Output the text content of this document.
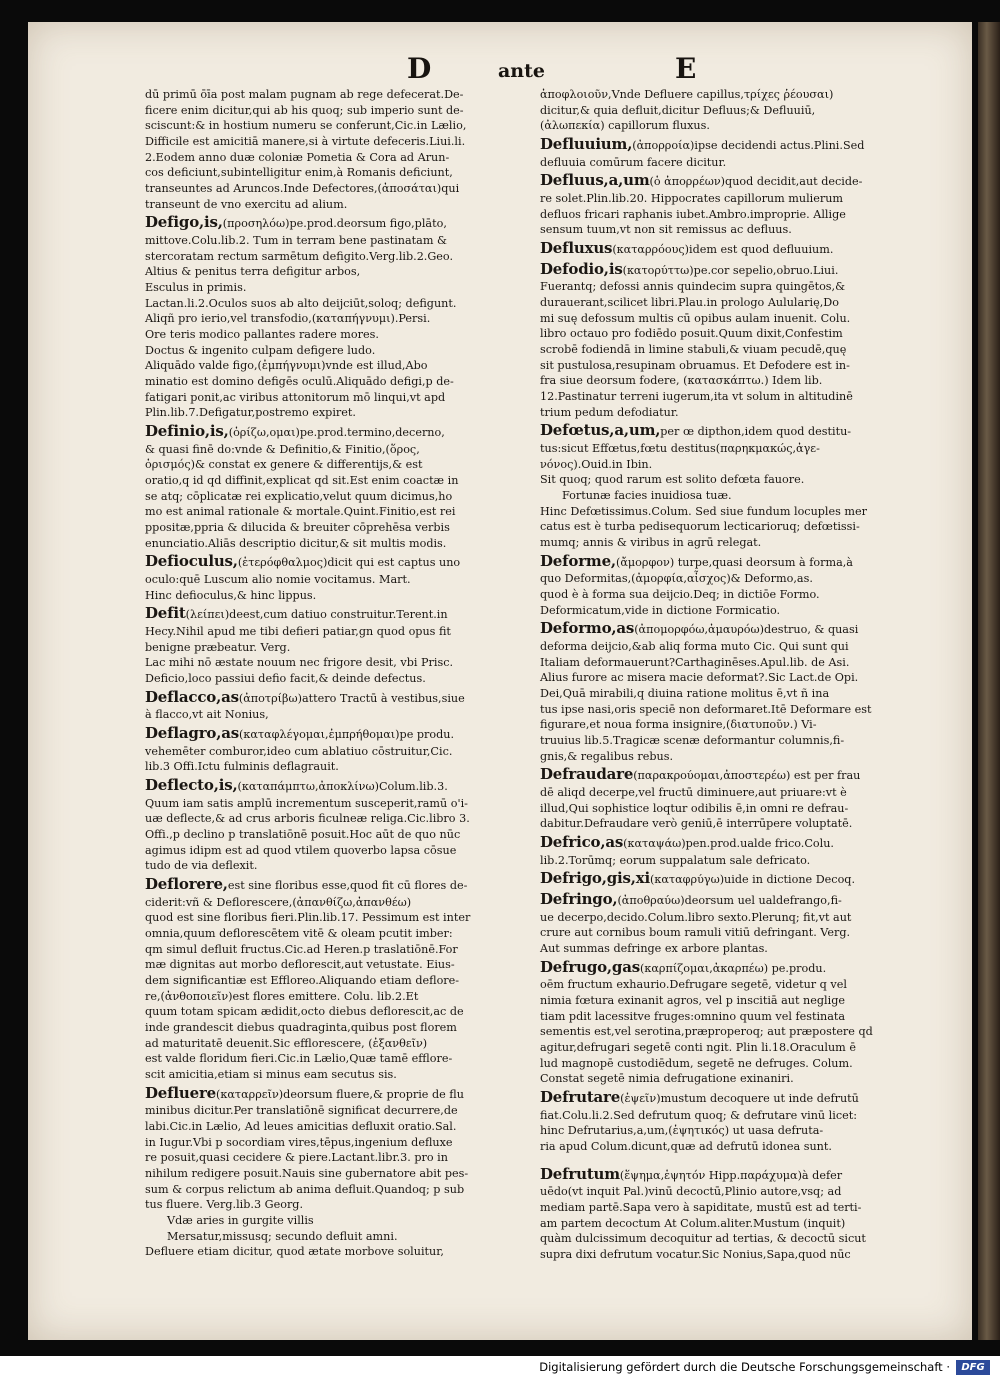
D	ante	E

dū primū ōīa post malam pugnam ab rege defecerat.De-

ficere enim dicitur,qui ab his quoq; sub imperio sunt de-

sciscunt:& in hostium numeru se conferunt,Cic.in Lælio,

Difficile est amicitiā manere,si à virtute defeceris.Liui.li.

2.Eodem anno duæ coloniæ Pometia & Cora ad Arun-

cos deficiunt,subintelligitur enim,à Romanis deficiunt,

transeuntes ad Aruncos.Inde Defectores,(ἀποσάται)qui

transeunt de vno exercitu ad alium.

Defigo,is,(προσηλόω)pe.prod.deorsum figo,plāto,

mittove.Colu.lib.2. Tum in terram bene pastinatam &

stercoratam rectum sarmētum defigito.Verg.lib.2.Geo.

Altius & penitus terra defigitur arbos,

Esculus in primis.

Lactan.li.2.Oculos suos ab alto deijciūt,soloq; defigunt.

Aliqñ pro ierio,vel transfodio,(καταπήγνυμι).Persi.

Ore teris modico pallantes radere mores.

Doctus & ingenito culpam defigere ludo.

Aliquādo valde figo,(ἐμπήγνυμι)vnde est illud,Abo

minatio est domino defigēs oculū.Aliquādo defigi,p de-

fatigari ponit,ac viribus attonitorum mō linqui,vt apd

Plin.lib.7.Defigatur,postremo expiret.

Definio,is,(ὁρίζω,ομαι)pe.prod.termino,decerno,

& quasi finē do:vnde & Definitio,& Finitio,(ὅρος,

ὁρισμός)& constat ex genere & differentijs,& est

oratio,q id qd diffinit,explicat qd sit.Est enim coactæ in

se atq; cōplicatæ rei explicatio,velut quum dicimus,ho

mo est animal rationale & mortale.Quint.Finitio,est rei

ppositæ,ppria & dilucida & breuiter cōprehēsa verbis

enunciatio.Aliās descriptio dicitur,& sit multis modis.

Defioculus,(ἑτερόφθαλμος)dicit qui est captus uno

oculo:quē Luscum alio nomie vocitamus. Mart.

Hinc defioculus,& hinc lippus.

Defit(λείπει)deest,cum datiuo construitur.Terent.in

Hecy.Nihil apud me tibi defieri patiar,gn quod opus fit

benigne præbeatur. Verg.

Lac mihi nō æstate nouum nec frigore desit, vbi Prisc.

Deficio,loco passiui defio facit,& deinde defectus.

Deflacco,as(ἀποτρίβω)attero Tractū à vestibus,siue

à flacco,vt ait Nonius,

Deflagro,as(καταφλέγομαι,ἐμπρήθομαι)pe produ.

vehemēter comburor,ideo cum ablatiuo cōstruitur,Cic.

lib.3 Offi.Ictu fulminis deflagrauit.

Deflecto,is,(καταπάμπτω,ἀποκλίνω)Colum.lib.3.

Quum iam satis amplū incrementum susceperit,ramū o'i-

uæ deflecte,& ad crus arboris ficulneæ religa.Cic.libro 3.

Offi.,p declino p translatiōnē posuit.Hoc aūt de quo nūc

agimus idipm est ad quod vtilem quoverbo lapsa cōsue

tudo de via deflexit.

Deflorere,est sine floribus esse,quod fit cū flores de-

ciderit:vñ & Deflorescere,(ἀπανθίζω,ἀπανθέω)

quod est sine floribus fieri.Plin.lib.17. Pessimum est inter

omnia,quum deflorescētem vitē & oleam pcutit imber:

qm simul defluit fructus.Cic.ad Heren.p traslatiōnē.For

mæ dignitas aut morbo deflorescit,aut vetustate. Eius-

dem significantiæ est Effloreo.Aliquando etiam deflore-

re,(ἀνθοποιεῖν)est flores emittere. Colu. lib.2.Et

quum totam spicam ædidit,octo diebus deflorescit,ac de

inde grandescit diebus quadraginta,quibus post florem

ad maturitatē deuenit.Sic efflorescere, (ἐξανθεῖν)

est valde floridum fieri.Cic.in Lælio,Quæ tamē efflore-

scit amicitia,etiam si minus eam secutus sis.

Defluere(καταρρεῖν)deorsum fluere,& proprie de flu

minibus dicitur.Per translatiōnē significat decurrere,de

labi.Cic.in Lælio, Ad leues amicitias defluxit oratio.Sal.

in Iugur.Vbi p socordiam vires,tēpus,ingenium defluxe

re posuit,quasi cecidere & piere.Lactant.libr.3. pro in

nihilum redigere posuit.Nauis sine gubernatore abit pes-

sum & corpus relictum ab anima defluit.Quandoq; p sub

tus fluere. Verg.lib.3 Georg.

Vdæ aries in gurgite villis

Mersatur,missusq; secundo defluit amni.

Defluere etiam dicitur, quod ætate morbove soluitur,

ἀποφλοιοῦν,Vnde Defluere capillus,τρίχες ῥέουσαι)

dicitur,& quia defluit,dicitur Defluus;& Defluuiū,

(ἀλωπεκία) capillorum fluxus.

Defluuium,(ἀπορροία)ipse decidendi actus.Plini.Sed

defluuia comūrum facere dicitur.

Defluus,a,um(ὁ ἀπορρέων)quod decidit,aut decide-

re solet.Plin.lib.20. Hippocrates capillorum mulierum

defluos fricari raphanis iubet.Ambro.improprie. Allige

sensum tuum,vt non sit remissus ac defluus.

Defluxus(καταρρόους)idem est quod defluuium.

Defodio,is(κατορύττω)pe.cor sepelio,obruo.Liui.

Fuerantq; defossi annis quindecim supra quingētos,&

durauerant,scilicet libri.Plau.in prologo Aulularię,Do

mi suę defossum multis cū opibus aulam inuenit. Colu.

libro octauo pro fodiēdo posuit.Quum dixit,Confestim

scrobē fodiendā in limine stabuli,& viuam pecudē,quę

sit pustulosa,resupinam obruamus. Et Defodere est in-

fra siue deorsum fodere, (κατασκάπτω.) Idem lib.

12.Pastinatur terreni iugerum,ita vt solum in altitudinē

trium pedum defodiatur.

Defœtus,a,um,per œ dipthon,idem quod destitu-

tus:sicut Effœtus,fœtu destitus(παρηκμακώς,ἀγε-

νόνος).Ouid.in Ibin.

Sit quoq; quod rarum est solito defœta fauore.

Fortunæ facies inuidiosa tuæ.

Hinc Defœtissimus.Colum. Sed siue fundum locuples mer

catus est è turba pedisequorum lecticarioruq; defœtissi-

mumq; annis & viribus in agrū relegat.

Deforme,(ἄμορφον) turpe,quasi deorsum à forma,à

quo Deformitas,(ἀμορφία,αἶσχος)& Deformo,as.

quod è à forma sua deijcio.Deq; in dictiōe Formo.

Deformicatum,vide in dictione Formicatio.

Deformo,as(ἀπομορφόω,ἀμαυρόω)destruo, & quasi

deforma deijcio,&ab aliq forma muto Cic. Qui sunt qui

Italiam deformauerunt?Carthaginēses.Apul.lib. de Asi.

Alius furore ac misera macie deformat?.Sic Lact.de Opi.

Dei,Quā mirabili,q diuina ratione molitus ē,vt ñ ina

tus ipse nasi,oris speciē non deformaret.Itē Deformare est

figurare,et noua forma insignire,(διατυποῦν.) Vi-

truuius lib.5.Tragicæ scenæ deformantur columnis,fi-

gnis,& regalibus rebus.

Defraudare(παρακρούομαι,ἀποστερέω) est per frau

dē aliqd decerpe,vel fructū diminuere,aut priuare:vt è

illud,Qui sophistice loqtur odibilis ē,in omni re defrau-

dabitur.Defraudare verò geniū,ē interrūpere voluptatē.

Defrico,as(καταψάω)pen.prod.ualde frico.Colu.

lib.2.Torūmq; eorum suppalatum sale defricato.

Defrigo,gis,xi(καταφρύγω)uide in dictione Decoq.

Defringo,(ἀποθραύω)deorsum uel ualdefrango,fi-

ue decerpo,decido.Colum.libro sexto.Plerunq; fit,vt aut

crure aut cornibus boum ramuli vitiū defringant. Verg.

Aut summas defringe ex arbore plantas.

Defrugo,gas(καρπίζομαι,ἀκαρπέω) pe.produ.

oēm fructum exhaurio.Defrugare segetē, videtur q vel

nimia fœtura exinanit agros, vel p inscitiā aut neglige

tiam pdit lacessitve fruges:omnino quum vel festinata

sementis est,vel serotina,præproperoq; aut præpostere qd

agitur,defrugari segetē conti ngit. Plin li.18.Oraculum ē

lud magnopē custodiēdum, segetē ne defruges. Colum.

Constat segetē nimia defrugatione exinaniri.

Defrutare(ἑψεῖν)mustum decoquere ut inde defrutū

fiat.Colu.li.2.Sed defrutum quoq; & defrutare vinū licet:

hinc Defrutarius,a,um,(ἑψητικός) ut uasa defruta-

ria apud Colum.dicunt,quæ ad defrutū idonea sunt.

Defrutum(ἕψημα,ἑψητόν Hipp.παράχυμα)à defer

uēdo(vt inquit Pal.)vinū decoctū,Plinio autore,vsq; ad

mediam partē.Sapa vero à sapiditate, mustū est ad terti-

am partem decoctum At Colum.aliter.Mustum (inquit)

quàm dulcissimum decoquitur ad tertias, & decoctū sicut

supra dixi defrutum vocatur.Sic Nonius,Sapa,quod nūc

Digitalisierung gefördert durch die Deutsche Forschungsgemeinschaft ·	DFG
